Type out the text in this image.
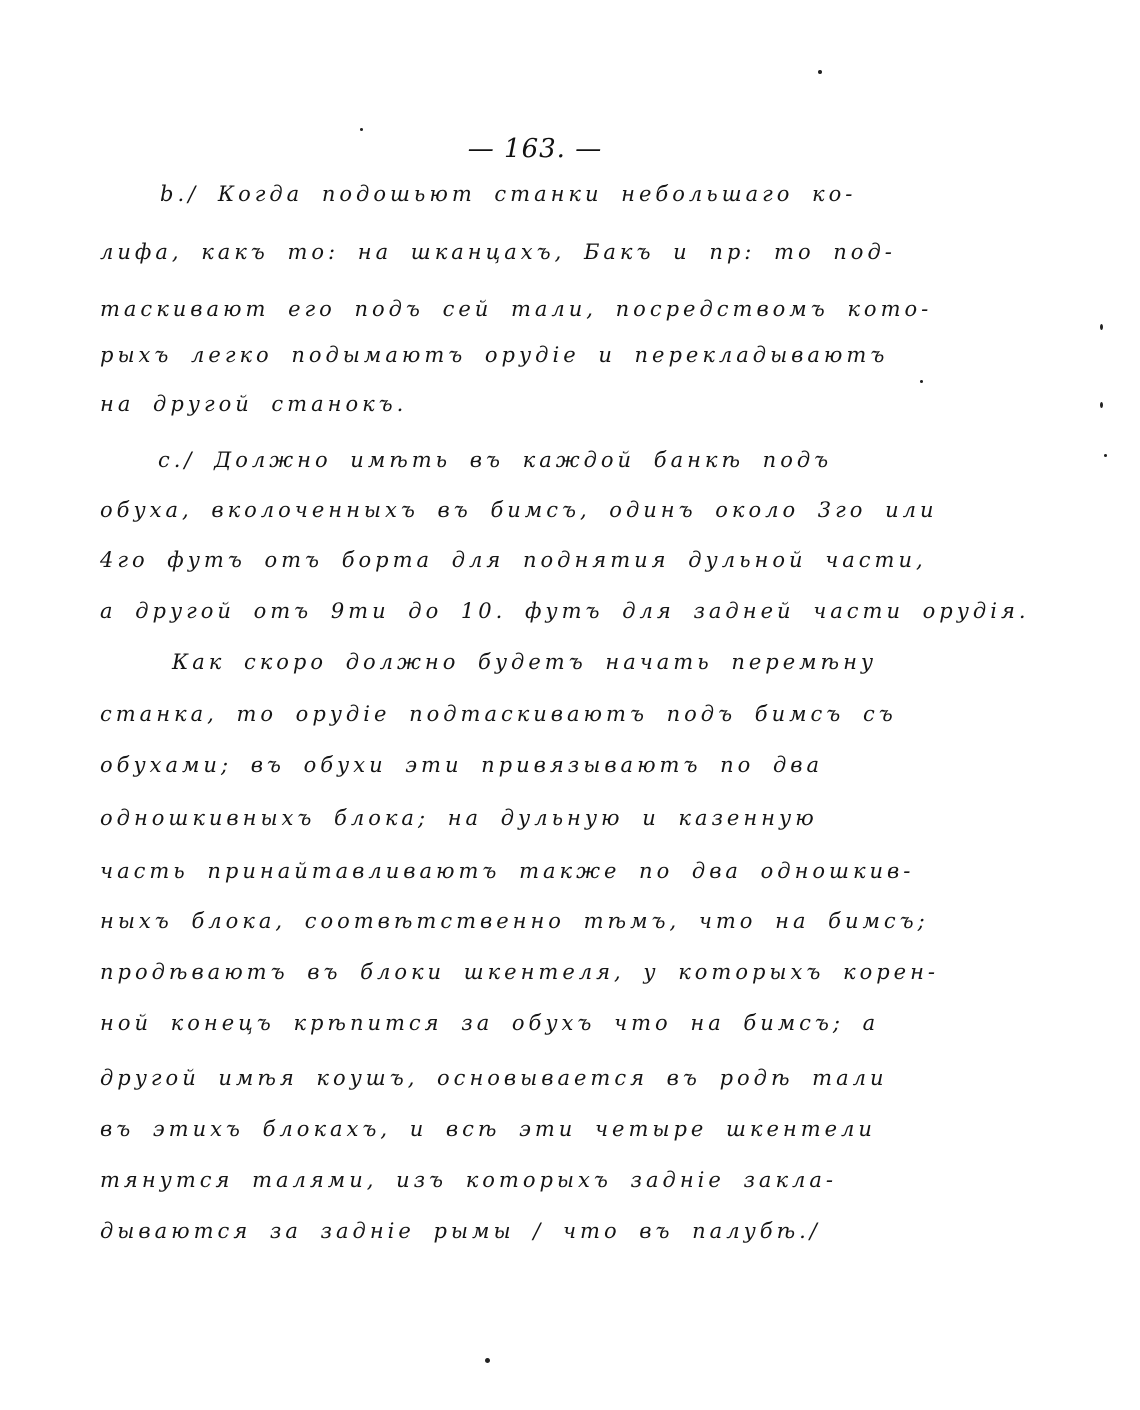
— 163. —
b./ Когда подошьют станки небольшаго ко-
лифа, какъ то: на шканцахъ, Бакъ и пр: то под-
таскивают его подъ сей тали, посредствомъ кото-
рыхъ легко подымаютъ орудіе и перекладываютъ
на другой станокъ.
с./ Должно имѣть въ каждой банкѣ подъ
обуха, вколоченныхъ въ бимсъ, одинъ около 3го или
4го футъ отъ борта для поднятия дульной части,
а другой отъ 9ти до 10. футъ для задней части орудія.
Как скоро должно будетъ начать перемѣну
станка, то орудіе подтаскиваютъ подъ бимсъ съ
обухами; въ обухи эти привязываютъ по два
одношкивныхъ блока; на дульную и казенную
часть принайтавливаютъ также по два одношкив-
ныхъ блока, соотвѣтственно тѣмъ, что на бимсъ;
продѣваютъ въ блоки шкентеля, у которыхъ корен-
ной конецъ крѣпится за обухъ что на бимсъ; а
другой имѣя коушъ, основывается въ родѣ тали
въ этихъ блокахъ, и всѣ эти четыре шкентели
тянутся талями, изъ которыхъ задніе закла-
дываются за задніе рымы / что въ палубѣ./
